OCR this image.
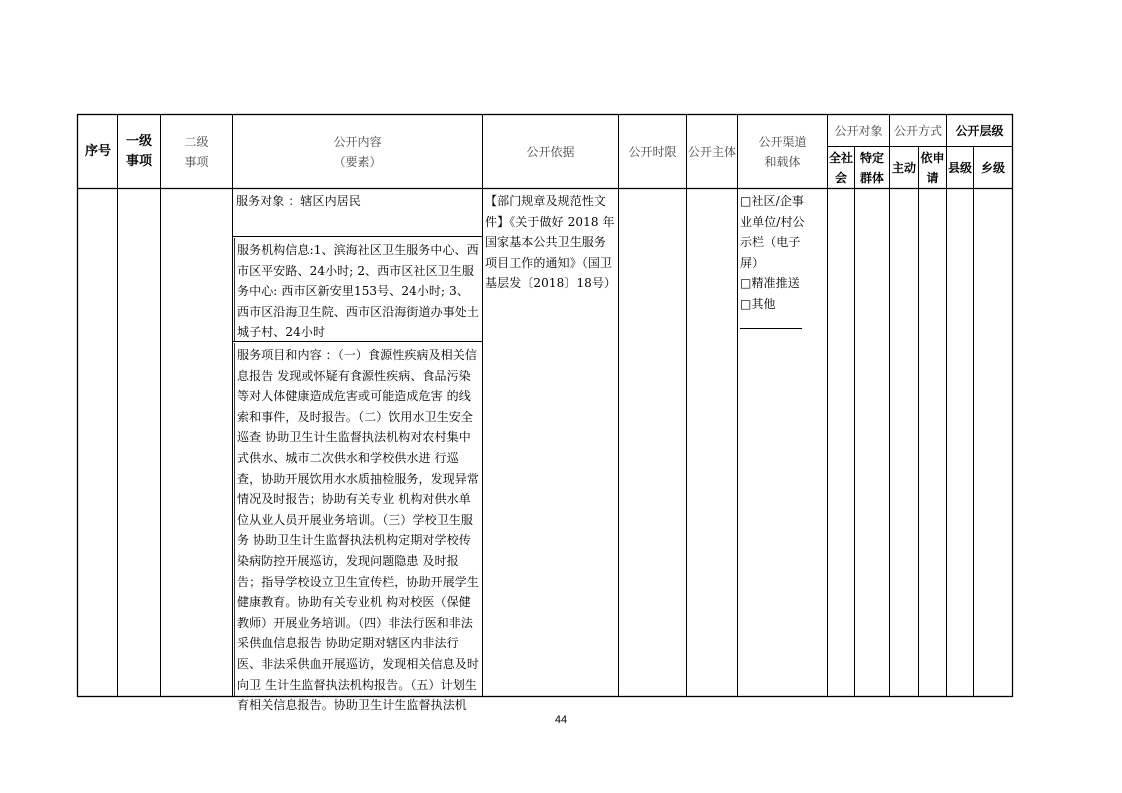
序号
一级事项
二级事项
公开内容
（要素）
公开依据	公开时限 公开主体
公开渠道
和载体
公开对象 公开方式 公开层级
全社会
特定群体
主动
依申请
县级 乡级
服务对象 ：辖区内居民
服务机构信息:1、滨海社区卫生服务中心、西市区平安路、24小时; 2、西市区社区卫生服务中心: 西市区新安里153号、24小时; 3、西市区沿海卫生院、西市区沿海街道办事处土城子村、24小时
服务项目和内容 ：（一）食源性疾病及相关信息报告 发现或怀疑有食源性疾病、食品污染等对人体健康造成危害或可能造成危害 的线索和事件，及时报告。（二）饮用水卫生安全巡查 协助卫生计生监督执法机构对农村集中式供水、城市二次供水和学校供水进 行巡查，协助开展饮用水水质抽检服务，发现异常情况及时报告；协助有关专业 机构对供水单位从业人员开展业务培训。（三）学校卫生服务 协助卫生计生监督执法机构定期对学校传染病防控开展巡访，发现问题隐患 及时报告；指导学校设立卫生宣传栏，协助开展学生健康教育。协助有关专业机 构对校医（保健教师）开展业务培训。（四）非法行医和非法采供血信息报告 协助定期对辖区内非法行医、非法采供血开展巡访，发现相关信息及时向卫 生计生监督执法机构报告。（五）计划生育相关信息报告。协助卫生计生监督执法机
【部门规章及规范性文件】《关于做好 2018 年国家基本公共卫生服务项目工作的通知》（国卫基层发〔2018〕18号）
□社区/企事业单位/村公示栏（电子屏）
□精准推送
□其他
44
